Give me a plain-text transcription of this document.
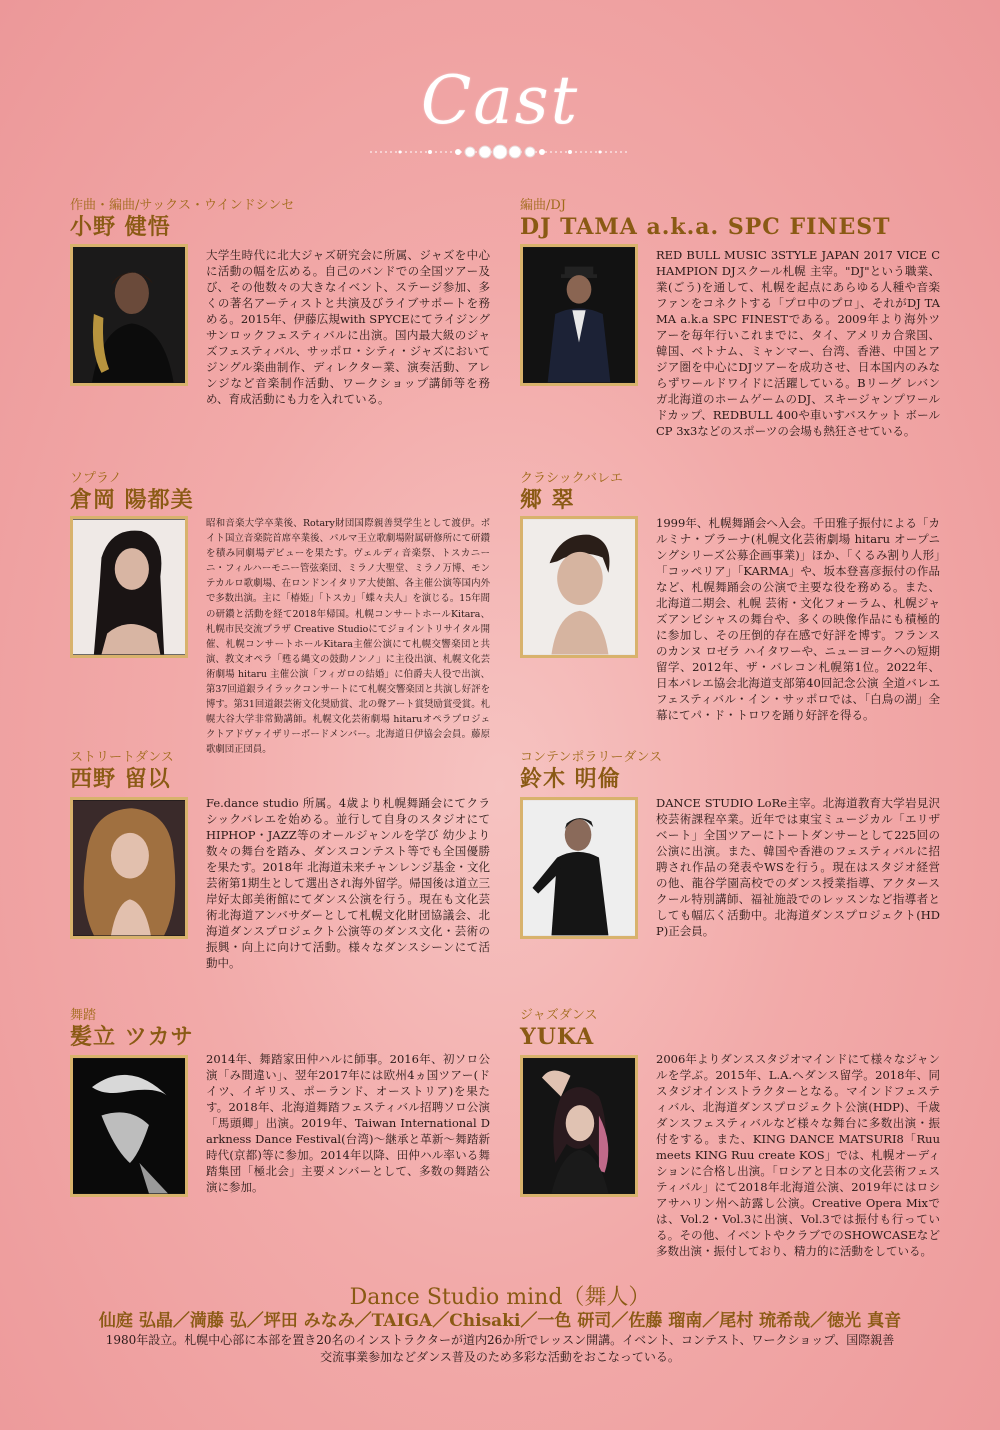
Cast
作曲・編曲/サックス・ウインドシンセ
小野 健悟
大学生時代に北大ジャズ研究会に所属、ジャズを中心に活動の幅を広める。自己のバンドでの全国ツアー及び、その他数々の大きなイベント、ステージ参加、多くの著名アーティストと共演及びライブサポートを務める。2015年、伊藤広規with SPYCEにてライジングサンロックフェスティバルに出演。国内最大級のジャズフェスティバル、サッポロ・シティ・ジャズにおいてジングル楽曲制作、ディレクター業、演奏活動、アレンジなど音楽制作活動、ワークショップ講師等を務め、育成活動にも力を入れている。
編曲/DJ
DJ TAMA a.k.a. SPC FINEST
RED BULL MUSIC 3STYLE JAPAN 2017 VICE CHAMPION DJスクール札幌 主宰。"DJ"という職業、業(ごう)を通して、札幌を起点にあらゆる人種や音楽ファンをコネクトする「プロ中のプロ」、それがDJ TAMA a.k.a SPC FINESTである。2009年より海外ツアーを毎年行いこれまでに、タイ、アメリカ合衆国、韓国、ベトナム、ミャンマー、台湾、香港、中国とアジア圏を中心にDJツアーを成功させ、日本国内のみならずワールドワイドに活躍している。Bリーグ レバンガ北海道のホームゲームのDJ、スキージャンプワールドカップ、REDBULL 400や車いすバスケット ボール CP 3x3などのスポーツの会場も熱狂させている。
ソプラノ
倉岡 陽都美
昭和音楽大学卒業後、Rotary財団国際親善奨学生として渡伊。ボイト国立音楽院首席卒業後、パルマ王立歌劇場附属研修所にて研鑽を積み同劇場デビューを果たす。ヴェルディ音楽祭、トスカニーニ・フィルハーモニー管弦楽団、ミラノ大聖堂、ミラノ万博、モンテカルロ歌劇場、在ロンドンイタリア大使館、各主催公演等国内外で多数出演。主に「椿姫」「トスカ」「蝶々夫人」を演じる。15年間の研鑽と活動を経て2018年帰国。札幌コンサートホールKitara、札幌市民交流プラザ Creative Studioにてジョイントリサイタル開催、札幌コンサートホールKitara主催公演にて札幌交響楽団と共演、教文オペラ「甦る縄文の鼓動ノンノ」に主役出演、札幌文化芸術劇場 hitaru 主催公演「フィガロの結婚」に伯爵夫人役で出演、第37回道銀ライラックコンサートにて札幌交響楽団と共演し好評を博す。第31回道銀芸術文化奨励賞、北の聲アート賞奨励賞受賞。札幌大谷大学非常勤講師。札幌文化芸術劇場 hitaruオペラプロジェクトアドヴァイザリーボードメンバー。北海道日伊協会会員。藤原歌劇団正団員。
クラシックバレエ
郷 翠
1999年、札幌舞踊会へ入会。千田雅子振付による「カルミナ・ブラーナ(札幌文化芸術劇場 hitaru オープニングシリーズ公募企画事業)」ほか、「くるみ割り人形」「コッペリア」「KARMA」や、坂本登喜彦振付の作品など、札幌舞踊会の公演で主要な役を務める。また、北海道二期会、札幌 芸術・文化フォーラム、札幌ジャズアンビシャスの舞台や、多くの映像作品にも積極的に参加し、その圧倒的存在感で好評を博す。フランスのカンヌ ロゼラ ハイタワーや、ニューヨークへの短期留学、2012年、ザ・バレコン札幌第1位。2022年、日本バレエ協会北海道支部第40回記念公演 全道バレエフェスティバル・イン・サッポロでは、「白鳥の湖」全幕にてパ・ド・トロワを踊り好評を得る。
ストリートダンス
西野 留以
Fe.dance studio 所属。4歳より札幌舞踊会にてクラシックバレエを始める。並行して自身のスタジオにてHIPHOP・JAZZ等のオールジャンルを学び 幼少より数々の舞台を踏み、ダンスコンテスト等でも全国優勝を果たす。2018年 北海道未来チャンレンジ基金・文化芸術第1期生として選出され海外留学。帰国後は道立三岸好太郎美術館にてダンス公演を行う。現在も文化芸術北海道アンバサダーとして札幌文化財団協議会、北海道ダンスプロジェクト公演等のダンス文化・芸術の振興・向上に向けて活動。様々なダンスシーンにて活動中。
コンテンポラリーダンス
鈴木 明倫
DANCE STUDIO LoRe主宰。北海道教育大学岩見沢校芸術課程卒業。近年では東宝ミュージカル「エリザベート」全国ツアーにトートダンサーとして225回の公演に出演。また、韓国や香港のフェスティバルに招聘され作品の発表やWSを行う。現在はスタジオ経営の他、龍谷学園高校でのダンス授業指導、アクタースクール特別講師、福祉施設でのレッスンなど指導者としても幅広く活動中。北海道ダンスプロジェクト(HDP)正会員。
舞踏
髪立 ツカサ
2014年、舞踏家田仲ハルに師事。2016年、初ソロ公演「み間違い」、翌年2017年には欧州4ヵ国ツアー(ドイツ、イギリス、ポーランド、オーストリア)を果たす。2018年、北海道舞踏フェスティバル招聘ソロ公演「馬頭卿」出演。2019年、Taiwan International Darkness Dance Festival(台湾)～継承と革新～舞踏新時代(京都)等に参加。2014年以降、田仲ハル率いる舞踏集団「極北会」主要メンバーとして、多数の舞踏公演に参加。
ジャズダンス
YUKA
2006年よりダンススタジオマインドにて様々なジャンルを学ぶ。2015年、L.A.へダンス留学。2018年、同スタジオインストラクターとなる。マインドフェスティバル、北海道ダンスプロジェクト公演(HDP)、千歳ダンスフェスティバルなど様々な舞台に多数出演・振付をする。また、KING DANCE MATSURI8「Ruu meets KING Ruu create KOS」では、札幌オーディションに合格し出演。「ロシアと日本の文化芸術フェスティバル」にて2018年北海道公演、2019年にはロシアサハリン州へ訪露し公演。Creative Opera Mixでは、Vol.2・Vol.3に出演、Vol.3では振付も行っている。その他、イベントやクラブでのSHOWCASEなど多数出演・振付しており、精力的に活動をしている。
Dance Studio mind（舞人）
仙庭 弘晶／満藤 弘／坪田 みなみ／TAIGA／Chisaki／一色 研司／佐藤 瑠南／尾村 琉希哉／徳光 真音
1980年設立。札幌中心部に本部を置き20名のインストラクターが道内26か所でレッスン開講。イベント、コンテスト、ワークショップ、国際親善交流事業参加などダンス普及のため多彩な活動をおこなっている。
